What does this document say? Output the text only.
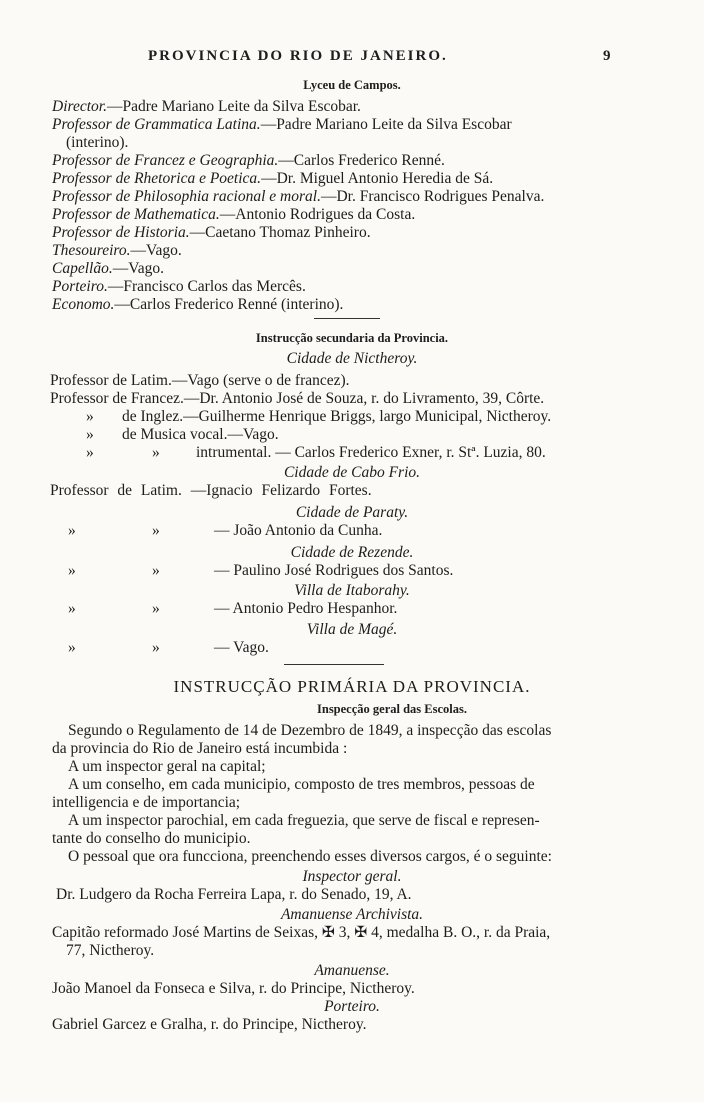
PROVINCIA DO RIO DE JANEIRO.	9
Lyceu de Campos.
Director.—Padre Mariano Leite da Silva Escobar.
Professor de Grammatica Latina.—Padre Mariano Leite da Silva Escobar
(interino).
Professor de Francez e Geographia.—Carlos Frederico Renné.
Professor de Rhetorica e Poetica.—Dr. Miguel Antonio Heredia de Sá.
Professor de Philosophia racional e moral.—Dr. Francisco Rodrigues Penalva.
Professor de Mathematica.—Antonio Rodrigues da Costa.
Professor de Historia.—Caetano Thomaz Pinheiro.
Thesoureiro.—Vago.
Capellão.—Vago.
Porteiro.—Francisco Carlos das Mercês.
Economo.—Carlos Frederico Renné (interino).
Instrucção secundaria da Provincia.
Cidade de Nictheroy.
Professor de Latim.—Vago (serve o de francez).
Professor de Francez.—Dr. Antonio José de Souza, r. do Livramento, 39, Côrte.
» de Inglez.—Guilherme Henrique Briggs, largo Municipal, Nictheroy.
» de Musica vocal.—Vago.
»	» intrumental. — Carlos Frederico Exner, r. Stª. Luzia, 80.
Cidade de Cabo Frio.
Professor de Latim. —Ignacio Felizardo Fortes.
Cidade de Paraty.
»	»	— João Antonio da Cunha.
Cidade de Rezende.
»	»	— Paulino José Rodrigues dos Santos.
Villa de Itaborahy.
»	»	— Antonio Pedro Hespanhor.
Villa de Magé.
»	»	— Vago.
INSTRUCÇÃO PRIMÁRIA DA PROVINCIA.
Inspecção geral das Escolas.
Segundo o Regulamento de 14 de Dezembro de 1849, a inspecção das escolas
da provincia do Rio de Janeiro está incumbida :
A um inspector geral na capital;
A um conselho, em cada municipio, composto de tres membros, pessoas de
intelligencia e de importancia;
A um inspector parochial, em cada freguezia, que serve de fiscal e represen-
tante do conselho do municipio.
O pessoal que ora funcciona, preenchendo esses diversos cargos, é o seguinte:
Inspector geral.
Dr. Ludgero da Rocha Ferreira Lapa, r. do Senado, 19, A.
Amanuense Archivista.
Capitão reformado José Martins de Seixas, ✠ 3, ✠ 4, medalha B. O., r. da Praia,
77, Nictheroy.
Amanuense.
João Manoel da Fonseca e Silva, r. do Principe, Nictheroy.
Porteiro.
Gabriel Garcez e Gralha, r. do Principe, Nictheroy.
